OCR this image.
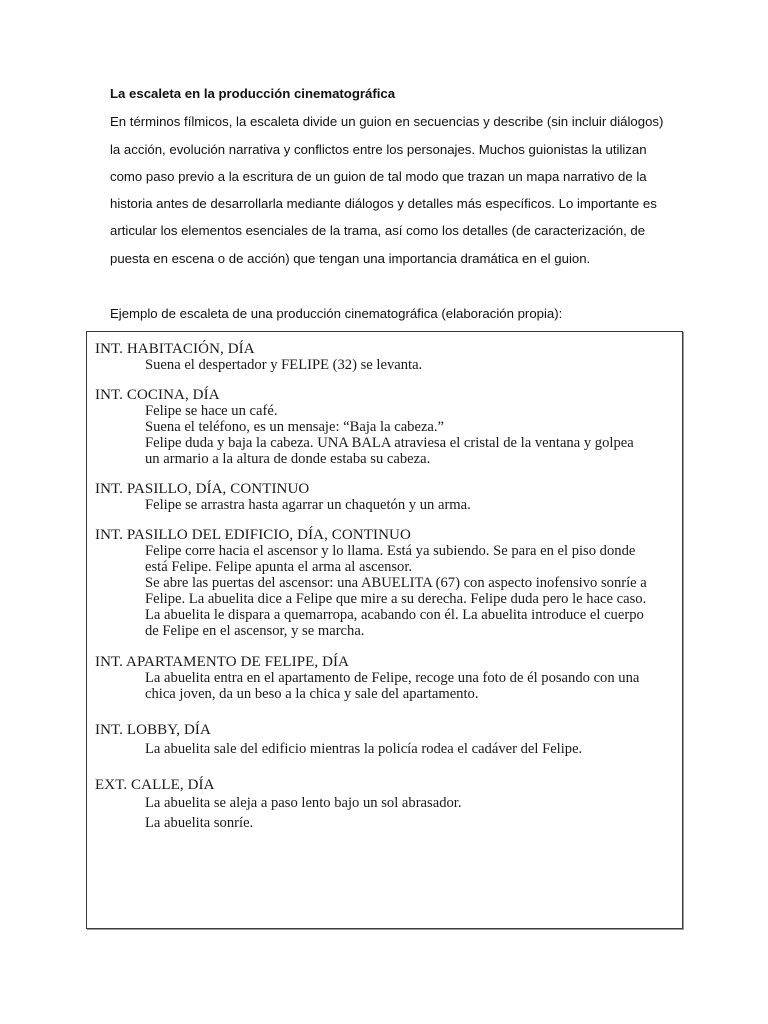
La escaleta en la producción cinematográfica
En términos fílmicos, la escaleta divide un guion en secuencias y describe (sin incluir diálogos)
la acción, evolución narrativa y conflictos entre los personajes. Muchos guionistas la utilizan
como paso previo a la escritura de un guion de tal modo que trazan un mapa narrativo de la
historia antes de desarrollarla mediante diálogos y detalles más específicos. Lo importante es
articular los elementos esenciales de la trama, así como los detalles (de caracterización, de
puesta en escena o de acción) que tengan una importancia dramática en el guion.
Ejemplo de escaleta de una producción cinematográfica (elaboración propia):
INT. HABITACIÓN, DÍA
Suena el despertador y FELIPE (32) se levanta.
INT. COCINA, DÍA
Felipe se hace un café.
Suena el teléfono, es un mensaje: “Baja la cabeza.”
Felipe duda y baja la cabeza. UNA BALA atraviesa el cristal de la ventana y golpea
un armario a la altura de donde estaba su cabeza.
INT. PASILLO, DÍA, CONTINUO
Felipe se arrastra hasta agarrar un chaquetón y un arma.
INT. PASILLO DEL EDIFICIO, DÍA, CONTINUO
Felipe corre hacia el ascensor y lo llama. Está ya subiendo. Se para en el piso donde
está Felipe. Felipe apunta el arma al ascensor.
Se abre las puertas del ascensor: una ABUELITA (67) con aspecto inofensivo sonríe a
Felipe. La abuelita dice a Felipe que mire a su derecha. Felipe duda pero le hace caso.
La abuelita le dispara a quemarropa, acabando con él. La abuelita introduce el cuerpo
de Felipe en el ascensor, y se marcha.
INT. APARTAMENTO DE FELIPE, DÍA
La abuelita entra en el apartamento de Felipe, recoge una foto de él posando con una
chica joven, da un beso a la chica y sale del apartamento.
INT. LOBBY, DÍA
La abuelita sale del edificio mientras la policía rodea el cadáver del Felipe.
EXT. CALLE, DÍA
La abuelita se aleja a paso lento bajo un sol abrasador.
La abuelita sonríe.
